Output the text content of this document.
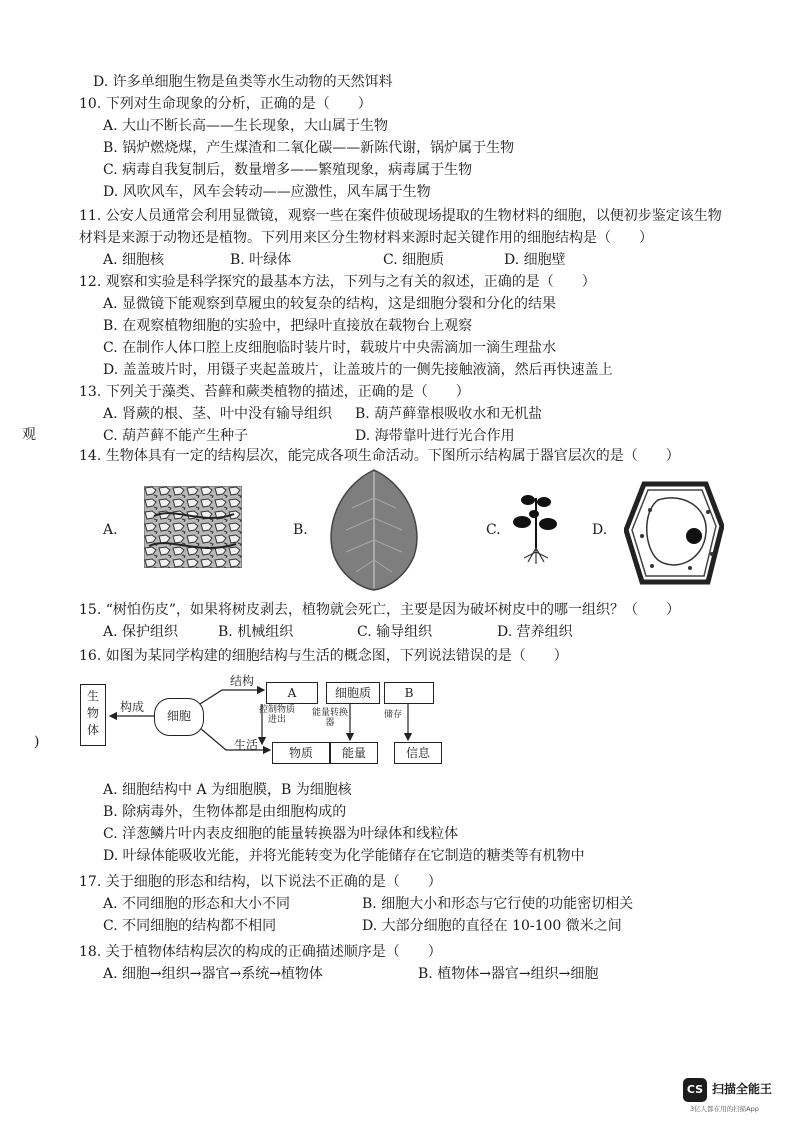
观
)
D. 许多单细胞生物是鱼类等水生动物的天然饵料
10. 下列对生命现象的分析，正确的是（　　）
A. 大山不断长高——生长现象，大山属于生物
B. 锅炉燃烧煤，产生煤渣和二氧化碳——新陈代谢，锅炉属于生物
C. 病毒自我复制后，数量增多——繁殖现象，病毒属于生物
D. 风吹风车，风车会转动——应激性，风车属于生物
11. 公安人员通常会利用显微镜，观察一些在案件侦破现场提取的生物材料的细胞，以便初步鉴定该生物
材料是来源于动物还是植物。下列用来区分生物材料来源时起关键作用的细胞结构是（　　）
12. 观察和实验是科学探究的最基本方法，下列与之有关的叙述，正确的是（　　）
A. 显微镜下能观察到草履虫的较复杂的结构，这是细胞分裂和分化的结果
B. 在观察植物细胞的实验中，把绿叶直接放在载物台上观察
C. 在制作人体口腔上皮细胞临时装片时，载玻片中央需滴加一滴生理盐水
D. 盖盖玻片时，用镊子夹起盖玻片，让盖玻片的一侧先接触液滴，然后再快速盖上
13. 下列关于藻类、苔藓和蕨类植物的描述，正确的是（　　）
14. 生物体具有一定的结构层次，能完成各项生命活动。下图所示结构属于器官层次的是（　　）
15. “树怕伤皮”，如果将树皮剥去，植物就会死亡，主要是因为破坏树皮中的哪一组织？（　　）
16. 如图为某同学构建的细胞结构与生活的概念图，下列说法错误的是（　　）
A. 细胞结构中 A 为细胞膜，B 为细胞核
B. 除病毒外，生物体都是由细胞构成的
C. 洋葱鳞片叶内表皮细胞的能量转换器为叶绿体和线粒体
D. 叶绿体能吸收光能，并将光能转变为化学能储存在它制造的糖类等有机物中
17. 关于细胞的形态和结构，以下说法不正确的是（　　）
18. 关于植物体结构层次的构成的正确描述顺序是（　　）
A. 细胞核	B. 叶绿体	C. 细胞质	D. 细胞壁
A. 肾蕨的根、茎、叶中没有输导组织 B. 葫芦藓靠根吸收水和无机盐
C. 葫芦藓不能产生种子	D. 海带靠叶进行光合作用
A. 保护组织	B. 机械组织	C. 输导组织	D. 营养组织
A. 不同细胞的形态和大小不同	B. 细胞大小和形态与它行使的功能密切相关
C. 不同细胞的结构都不相同	D. 大部分细胞的直径在 10-100 微米之间
A. 细胞→组织→器官→系统→植物体	B. 植物体→器官→组织→细胞
A.	B.	C.	D.
生物体
构成
细胞
结构
生活
A	细胞质	B
控制物质进出
能量转换器
储存
物质	能量	信息
CS 扫描全能王
3亿人都在用的扫描App
